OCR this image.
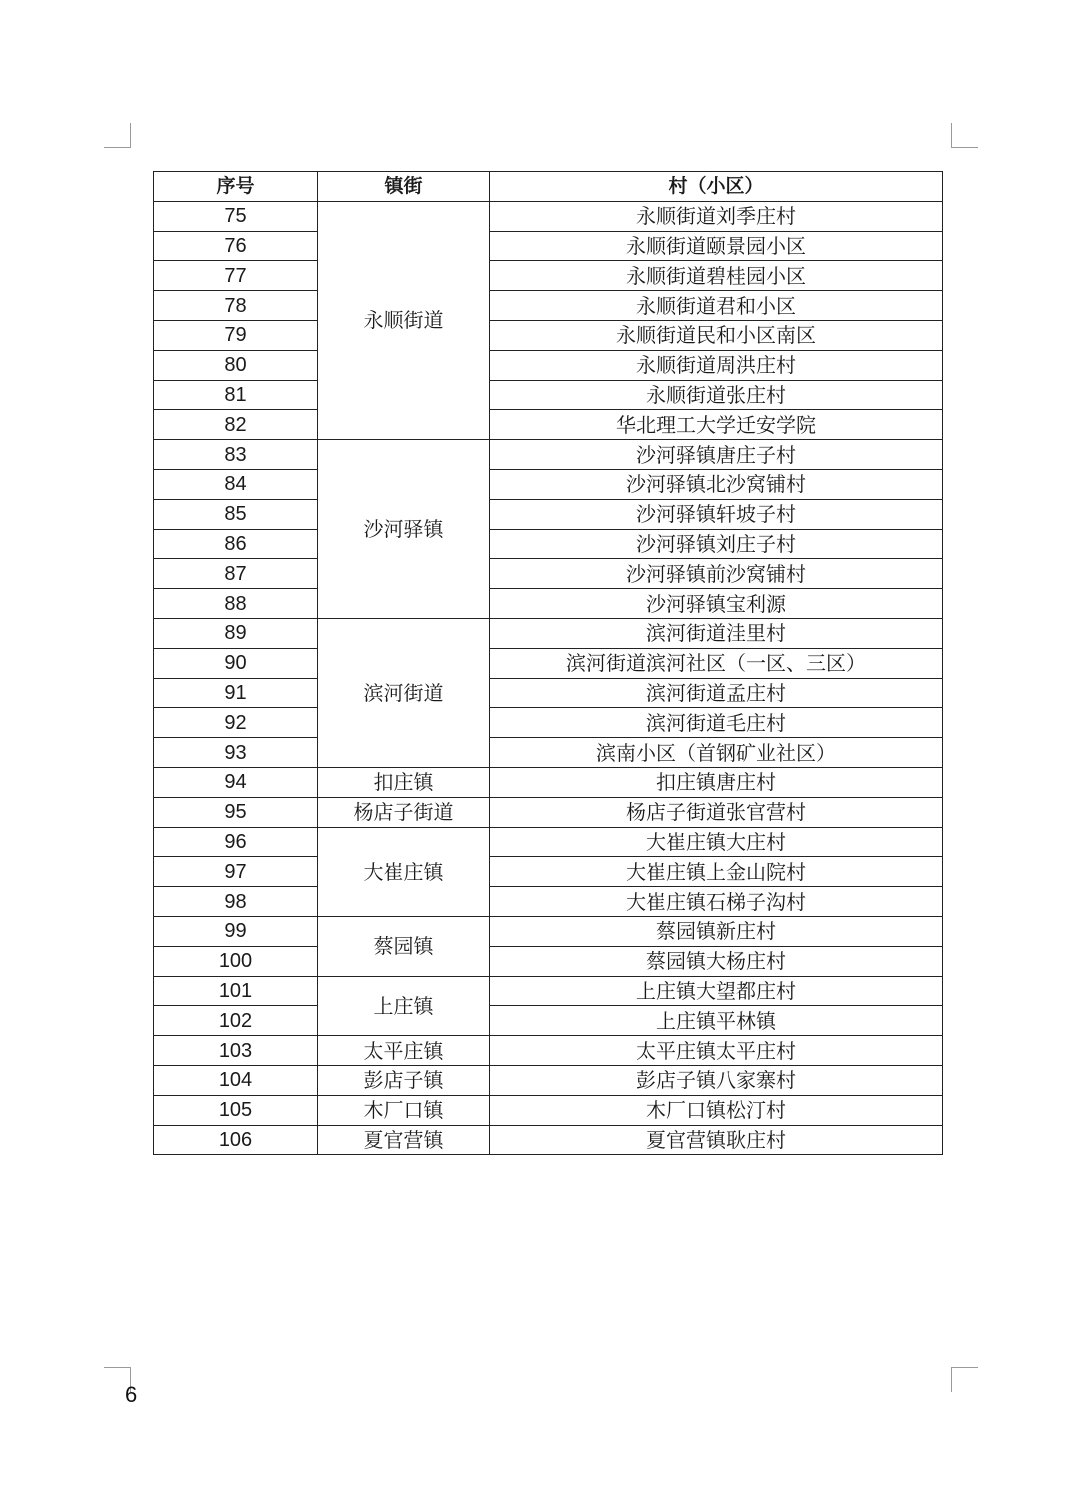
序号	镇街	村（小区）
75	永顺街道	永顺街道刘季庄村
76		永顺街道颐景园小区
77		永顺街道碧桂园小区
78		永顺街道君和小区
79		永顺街道民和小区南区
80		永顺街道周洪庄村
81		永顺街道张庄村
82		华北理工大学迁安学院
83	沙河驿镇	沙河驿镇唐庄子村
84		沙河驿镇北沙窝铺村
85		沙河驿镇轩坡子村
86		沙河驿镇刘庄子村
87		沙河驿镇前沙窝铺村
88		沙河驿镇宝利源
89	滨河街道	滨河街道洼里村
90		滨河街道滨河社区（一区、三区）
91		滨河街道孟庄村
92		滨河街道毛庄村
93		滨南小区（首钢矿业社区）
94	扣庄镇	扣庄镇唐庄村
95	杨店子街道	杨店子街道张官营村
96	大崔庄镇	大崔庄镇大庄村
97		大崔庄镇上金山院村
98		大崔庄镇石梯子沟村
99	蔡园镇	蔡园镇新庄村
100		蔡园镇大杨庄村
101	上庄镇	上庄镇大望都庄村
102		上庄镇平林镇
103	太平庄镇	太平庄镇太平庄村
104	彭店子镇	彭店子镇八家寨村
105	木厂口镇	木厂口镇松汀村
106	夏官营镇	夏官营镇耿庄村
6
